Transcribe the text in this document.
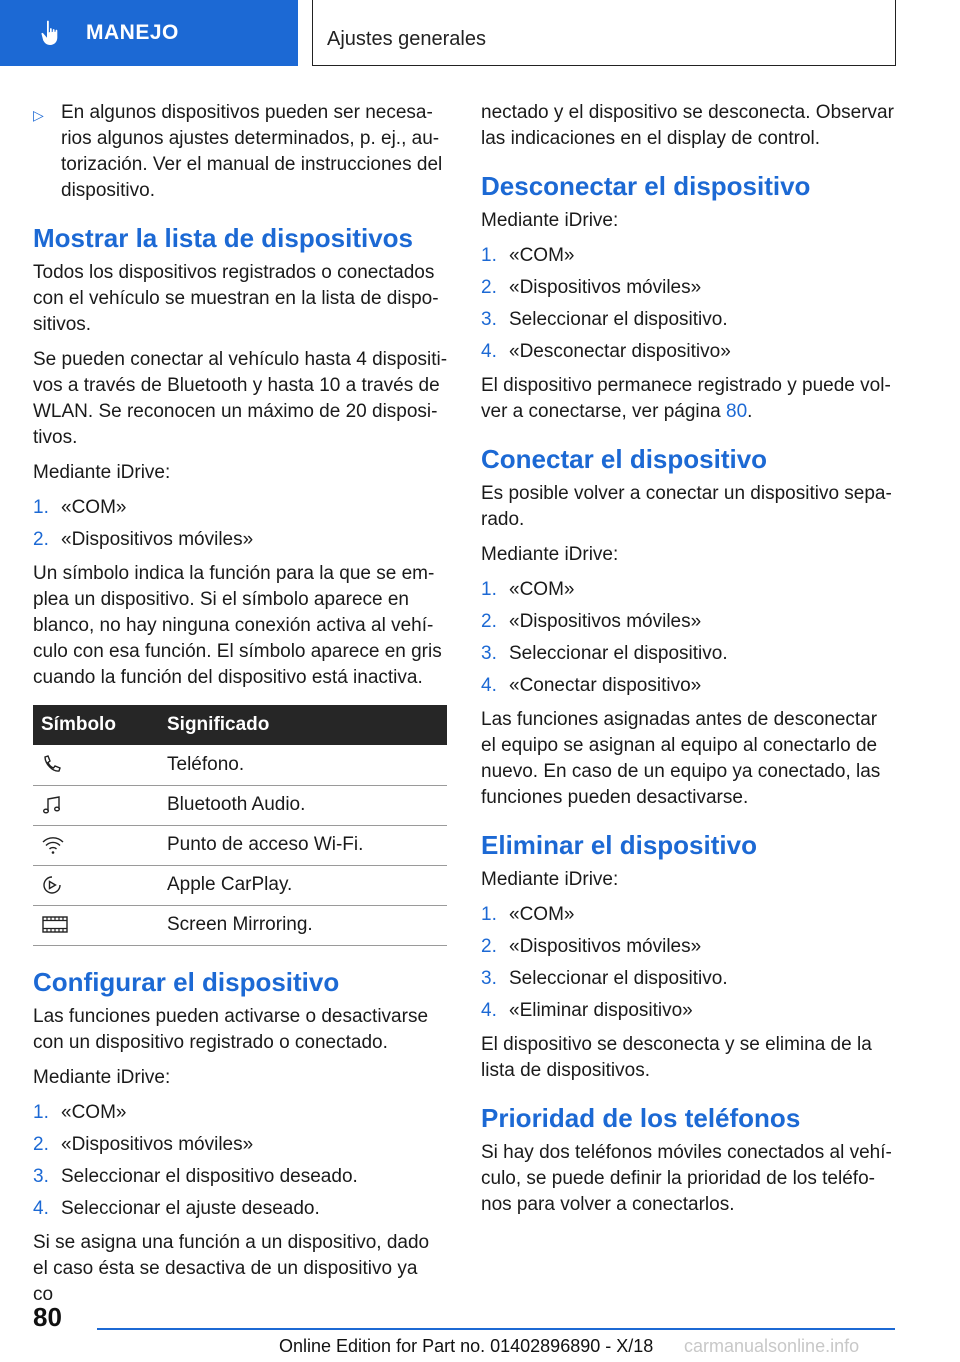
MANEJO	Ajustes generales
▷ En algunos dispositivos pueden ser necesarios algunos ajustes determinados, p. ej., autorización. Ver el manual de instrucciones del dispositivo.
Mostrar la lista de dispositivos

Todos los dispositivos registrados o conectados con el vehículo se muestran en la lista de dispositivos.

Se pueden conectar al vehículo hasta 4 dispositivos a través de Bluetooth y hasta 10 a través de WLAN. Se reconocen un máximo de 20 dispositivos.

Mediante iDrive:

1. «COM»
2. «Dispositivos móviles»

Un símbolo indica la función para la que se emplea un dispositivo. Si el símbolo aparece en blanco, no hay ninguna conexión activa al vehículo con esa función. El símbolo aparece en gris cuando la función del dispositivo está inactiva.

Símbolo	Significado

	Teléfono.

	Bluetooth Audio.

	Punto de acceso Wi-Fi.

	Apple CarPlay.

	Screen Mirroring.
Configurar el dispositivo

Las funciones pueden activarse o desactivarse con un dispositivo registrado o conectado.

Mediante iDrive:

1. «COM»
2. «Dispositivos móviles»
3. Seleccionar el dispositivo deseado.
4. Seleccionar el ajuste deseado.

Si se asigna una función a un dispositivo, dado el caso ésta se desactiva de un dispositivo ya co

nectado y el dispositivo se desconecta. Observar las indicaciones en el display de control.

Desconectar el dispositivo

Mediante iDrive:

1. «COM»
2. «Dispositivos móviles»
3. Seleccionar el dispositivo.
4. «Desconectar dispositivo»

El dispositivo permanece registrado y puede volver a conectarse, ver página 80.

Conectar el dispositivo

Es posible volver a conectar un dispositivo separado.

Mediante iDrive:

1. «COM»
2. «Dispositivos móviles»
3. Seleccionar el dispositivo.
4. «Conectar dispositivo»

Las funciones asignadas antes de desconectar el equipo se asignan al equipo al conectarlo de nuevo. En caso de un equipo ya conectado, las funciones pueden desactivarse.

Eliminar el dispositivo

Mediante iDrive:

1. «COM»
2. «Dispositivos móviles»
3. Seleccionar el dispositivo.
4. «Eliminar dispositivo»

El dispositivo se desconecta y se elimina de la lista de dispositivos.

Prioridad de los teléfonos

Si hay dos teléfonos móviles conectados al vehículo, se puede definir la prioridad de los teléfonos para volver a conectarlos.

80
Online Edition for Part no. 01402896890 - X/18 carmanualsonline.info
